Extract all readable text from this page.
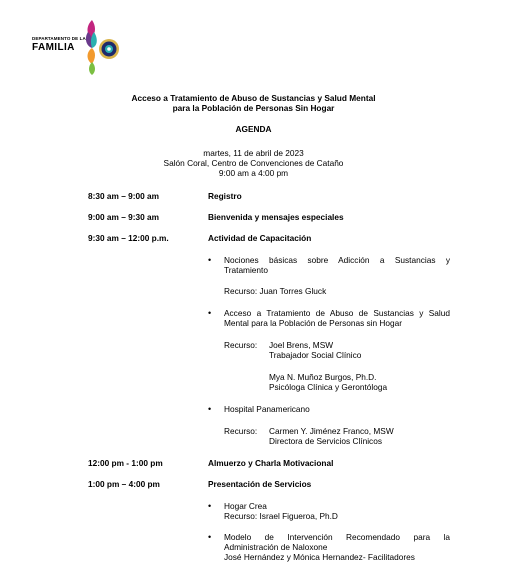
DEPARTAMENTO DE LA
FAMILIA
Acceso a Tratamiento de Abuso de Sustancias y Salud Mental
para la Población de Personas Sin Hogar
AGENDA
martes, 11 de abril de 2023
Salón Coral, Centro de Convenciones de Cataño
9:00 am a 4:00 pm
8:30 am – 9:00 am	Registro
9:00 am – 9:30 am	Bienvenida y mensajes especiales
9:30 am – 12:00 p.m.	Actividad de Capacitación
• Nociones básicas sobre Adicción a Sustancias y
Tratamiento
Recurso: Juan Torres Gluck
• Acceso a Tratamiento de Abuso de Sustancias y Salud
Mental para la Población de Personas sin Hogar
Recurso: Joel Brens, MSW
Trabajador Social Clínico
Mya N. Muñoz Burgos, Ph.D.
Psicóloga Clínica y Gerontóloga
• Hospital Panamericano
Recurso: Carmen Y. Jiménez Franco, MSW
Directora de Servicios Clínicos
12:00 pm - 1:00 pm	Almuerzo y Charla Motivacional
1:00 pm – 4:00 pm	Presentación de Servicios
• Hogar Crea
Recurso: Israel Figueroa, Ph.D
• Modelo de Intervención Recomendado para la
Administración de Naloxone
José Hernández y Mónica Hernandez- Facilitadores
